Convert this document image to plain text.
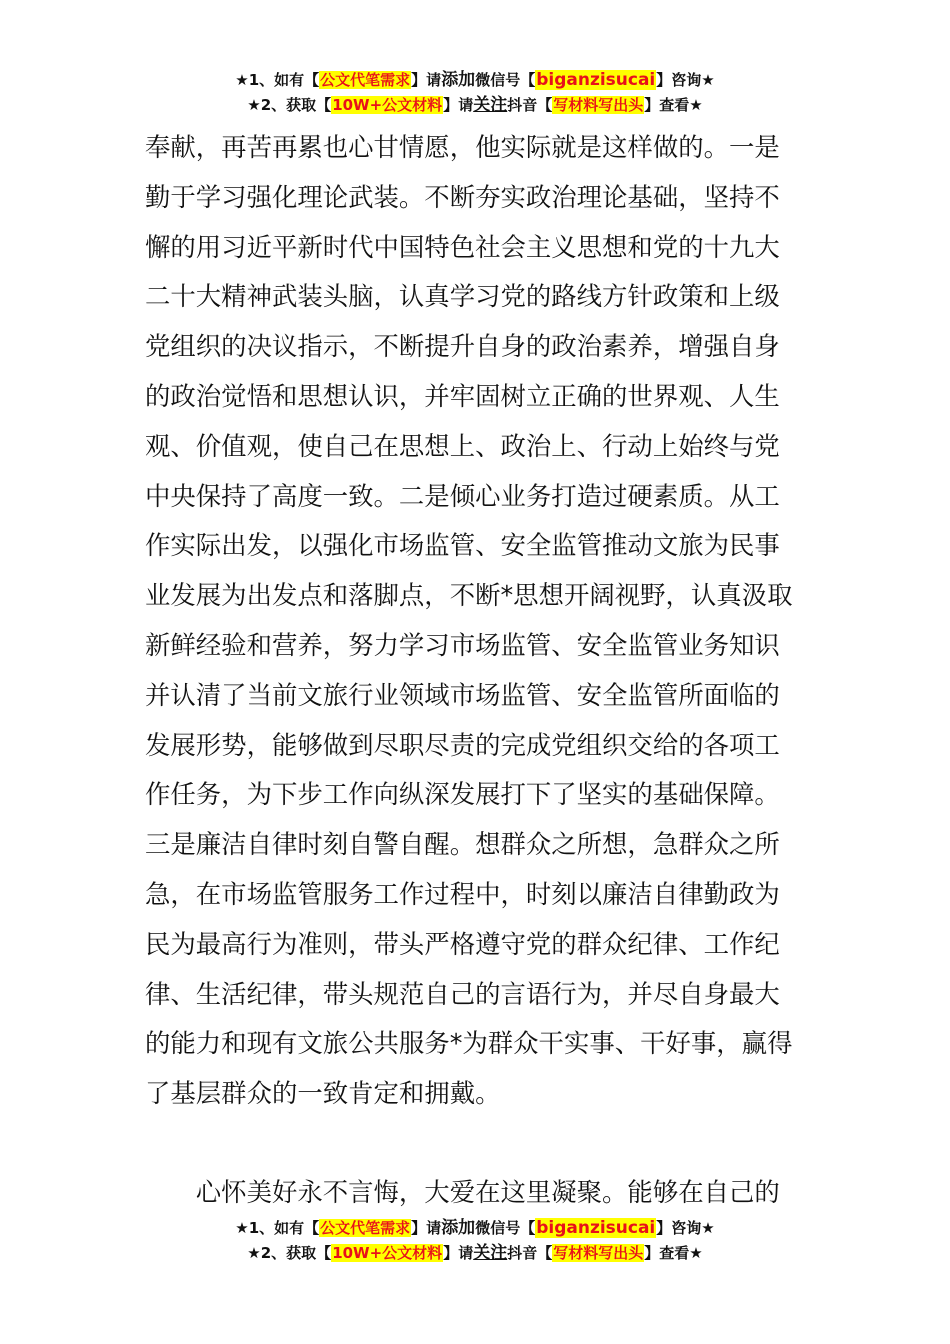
★1、如有【公文代笔需求】请添加微信号【biganzisucai】咨询★
★2、获取【10W+公文材料】请关注抖音【写材料写出头】查看★
奉献，再苦再累也心甘情愿，他实际就是这样做的。一是
勤于学习强化理论武装。不断夯实政治理论基础，坚持不
懈的用习近平新时代中国特色社会主义思想和党的十九大
二十大精神武装头脑，认真学习党的路线方针政策和上级
党组织的决议指示，不断提升自身的政治素养，增强自身
的政治觉悟和思想认识，并牢固树立正确的世界观、人生
观、价值观，使自己在思想上、政治上、行动上始终与党
中央保持了高度一致。二是倾心业务打造过硬素质。从工
作实际出发，以强化市场监管、安全监管推动文旅为民事
业发展为出发点和落脚点，不断*思想开阔视野，认真汲取
新鲜经验和营养，努力学习市场监管、安全监管业务知识
并认清了当前文旅行业领域市场监管、安全监管所面临的
发展形势，能够做到尽职尽责的完成党组织交给的各项工
作任务，为下步工作向纵深发展打下了坚实的基础保障。
三是廉洁自律时刻自警自醒。想群众之所想，急群众之所
急，在市场监管服务工作过程中，时刻以廉洁自律勤政为
民为最高行为准则，带头严格遵守党的群众纪律、工作纪
律、生活纪律，带头规范自己的言语行为，并尽自身最大
的能力和现有文旅公共服务*为群众干实事、干好事，赢得
了基层群众的一致肯定和拥戴。
　　心怀美好永不言悔，大爱在这里凝聚。能够在自己的
★1、如有【公文代笔需求】请添加微信号【biganzisucai】咨询★
★2、获取【10W+公文材料】请关注抖音【写材料写出头】查看★
